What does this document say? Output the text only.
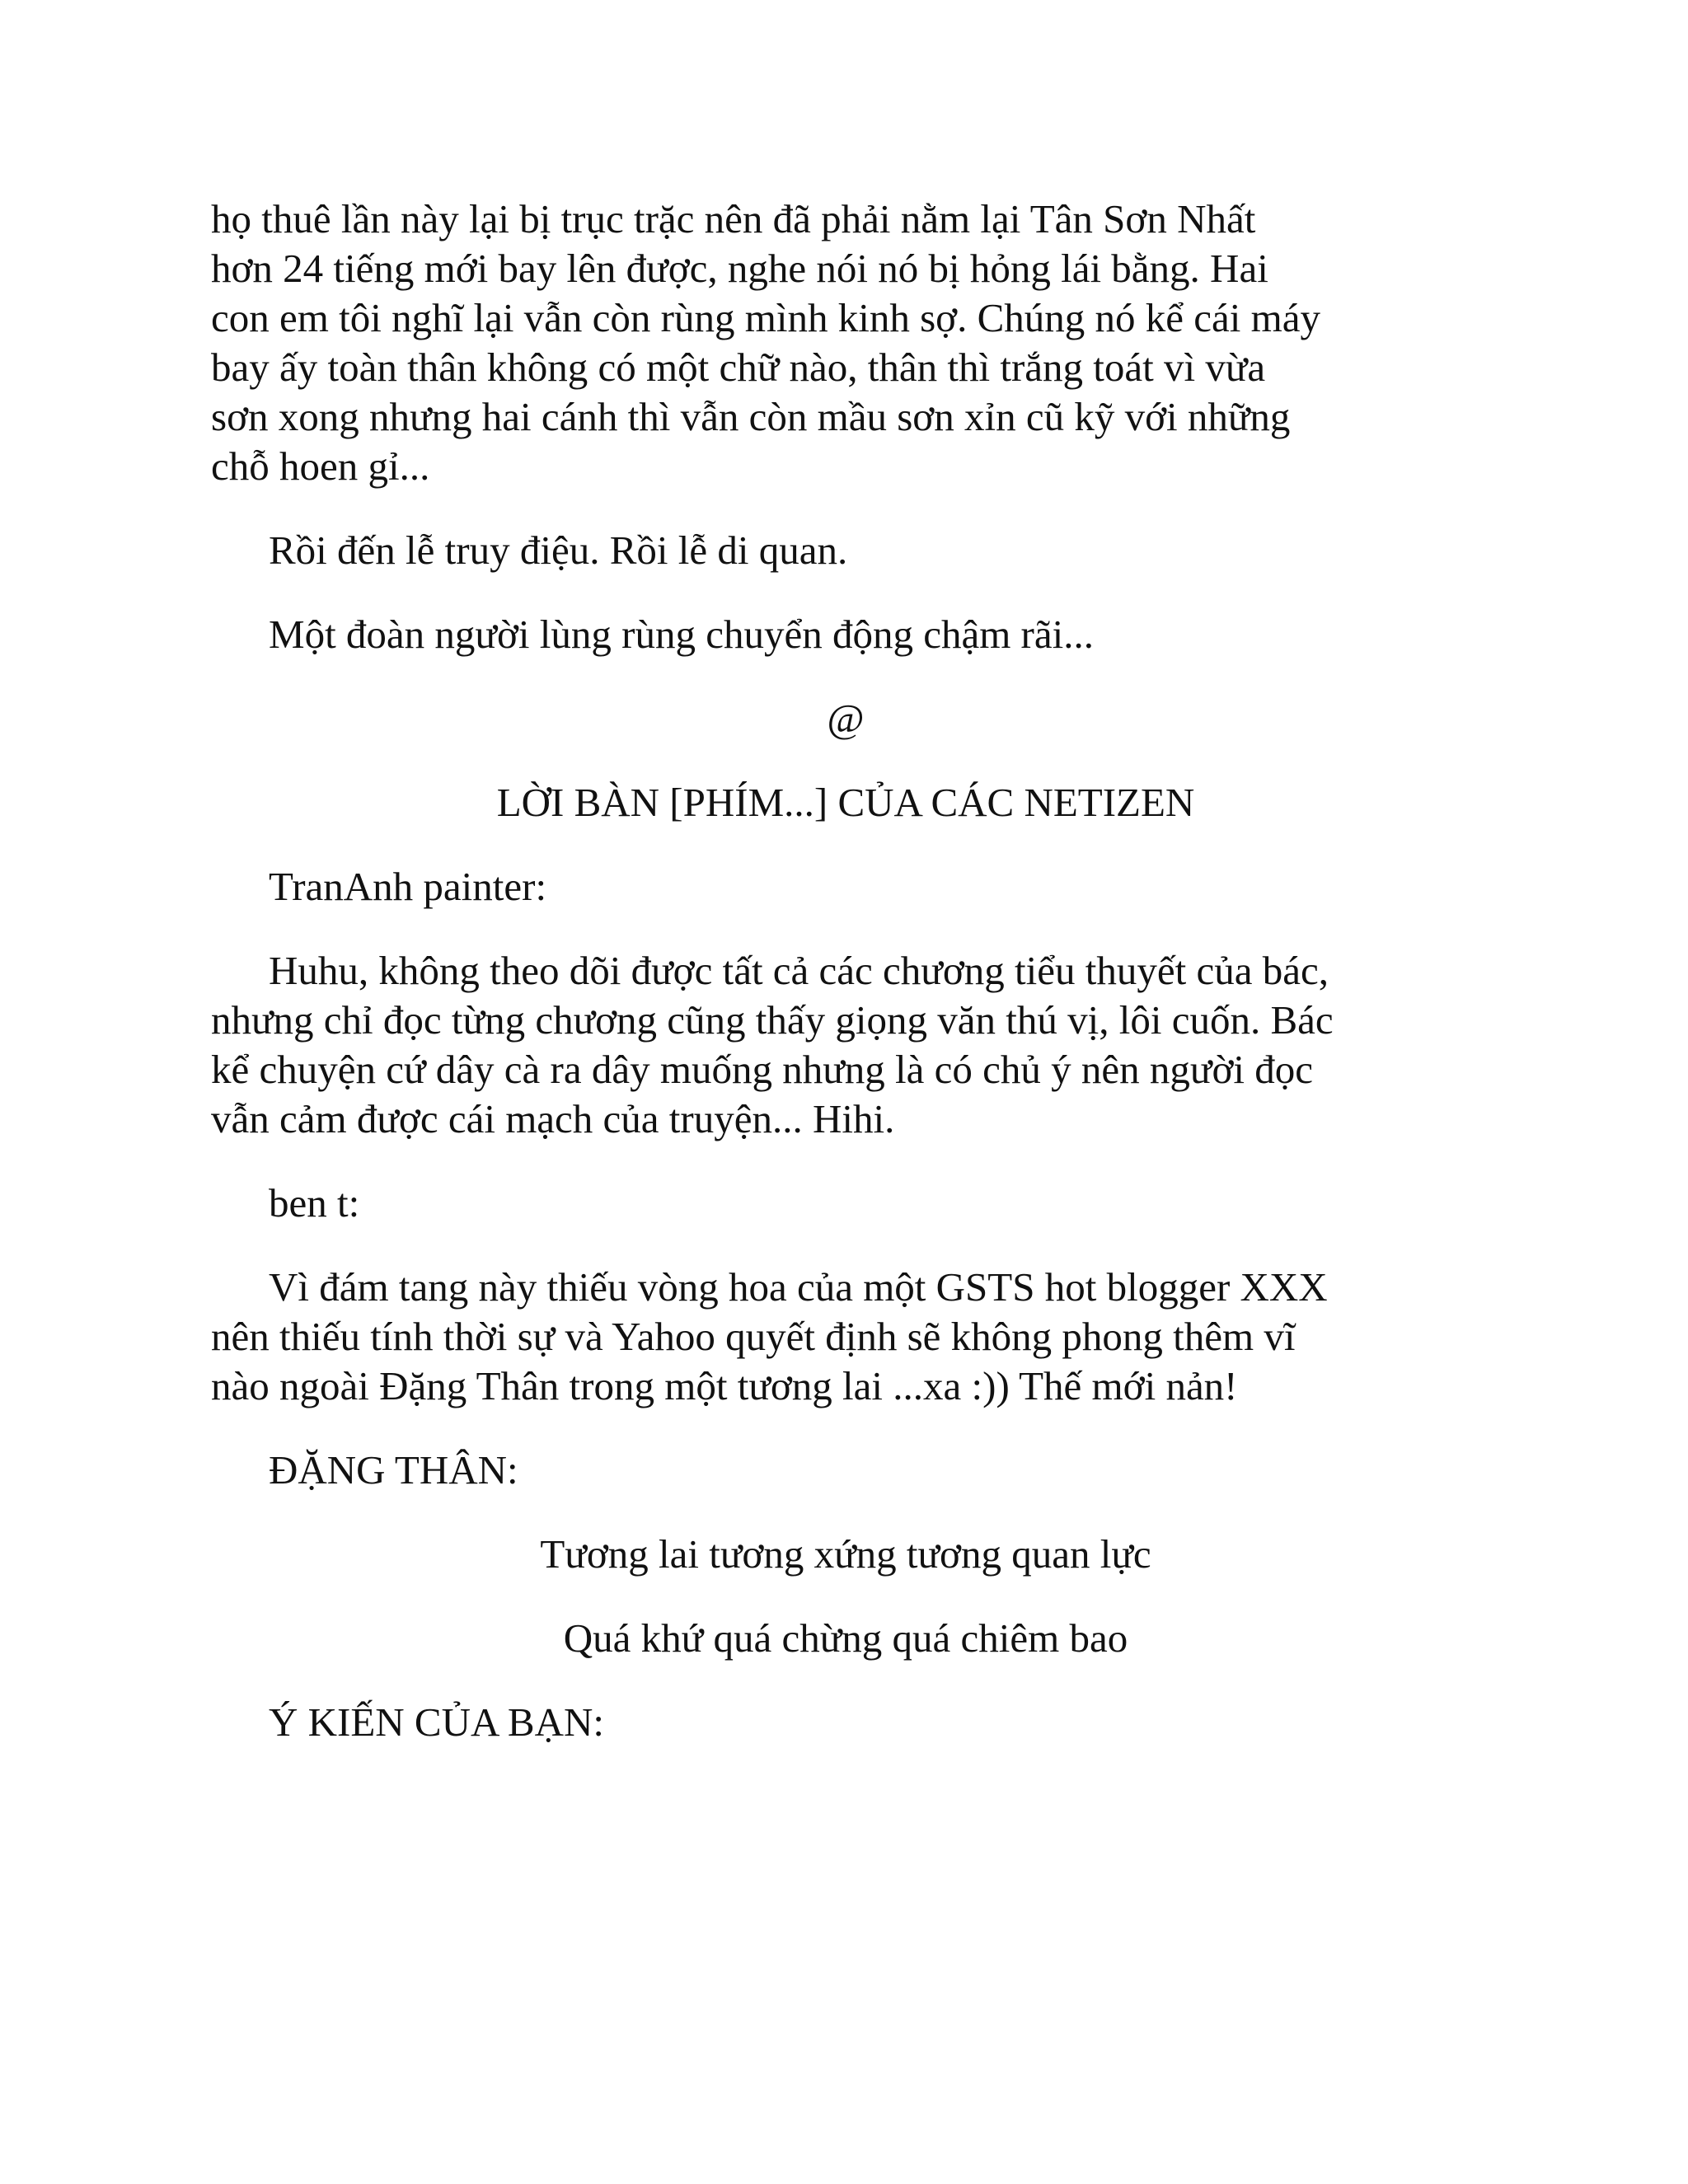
họ thuê lần này lại bị trục trặc nên đã phải nằm lại Tân Sơn Nhất
hơn 24 tiếng mới bay lên được, nghe nói nó bị hỏng lái bằng. Hai
con em tôi nghĩ lại vẫn còn rùng mình kinh sợ. Chúng nó kể cái máy
bay ấy toàn thân không có một chữ nào, thân thì trắng toát vì vừa
sơn xong nhưng hai cánh thì vẫn còn mầu sơn xỉn cũ kỹ với những
chỗ hoen gỉ...

Rồi đến lễ truy điệu. Rồi lễ di quan.

Một đoàn người lùng rùng chuyển động chậm rãi...

@

LỜI BÀN [PHÍM...] CỦA CÁC NETIZEN

TranAnh painter:

Huhu, không theo dõi được tất cả các chương tiểu thuyết của bác,
nhưng chỉ đọc từng chương cũng thấy giọng văn thú vị, lôi cuốn. Bác
kể chuyện cứ dây cà ra dây muống nhưng là có chủ ý nên người đọc
vẫn cảm được cái mạch của truyện... Hihi.

ben t:

Vì đám tang này thiếu vòng hoa của một GSTS hot blogger XXX
nên thiếu tính thời sự và Yahoo quyết định sẽ không phong thêm vĩ
nào ngoài Đặng Thân trong một tương lai ...xa :)) Thế mới nản!

ĐẶNG THÂN:

Tương lai tương xứng tương quan lực

Quá khứ quá chừng quá chiêm bao

Ý KIẾN CỦA BẠN:
